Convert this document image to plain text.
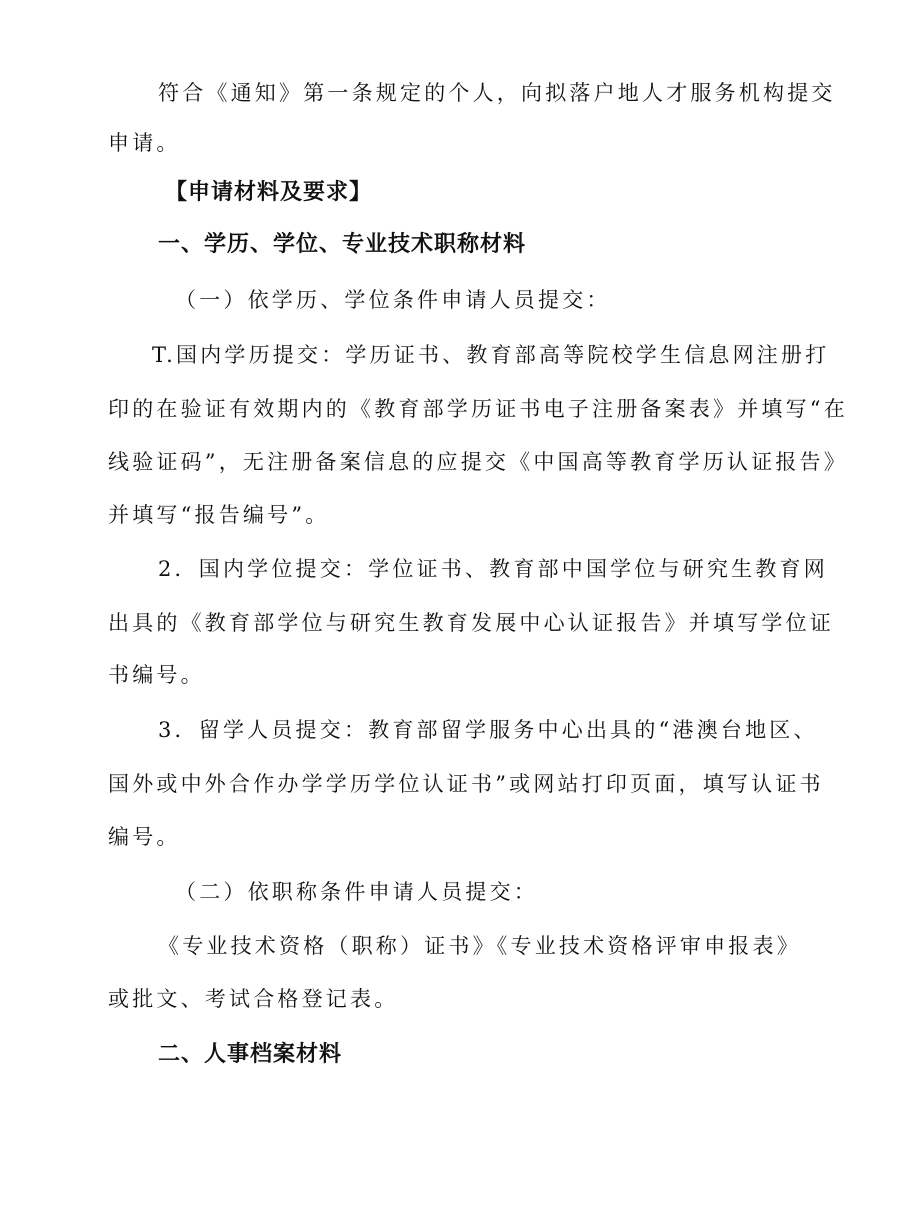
符合《通知》第一条规定的个人，向拟落户地人才服务机构提交
申请。
【申请材料及要求】
一、学历、学位、专业技术职称材料
（一）依学历、学位条件申请人员提交：
T.国内学历提交：学历证书、教育部高等院校学生信息网注册打
印的在验证有效期内的《教育部学历证书电子注册备案表》并填写“在
线验证码”，无注册备案信息的应提交《中国高等教育学历认证报告》
并填写“报告编号”。
2．国内学位提交：学位证书、教育部中国学位与研究生教育网
出具的《教育部学位与研究生教育发展中心认证报告》并填写学位证
书编号。
3．留学人员提交：教育部留学服务中心出具的“港澳台地区、
国外或中外合作办学学历学位认证书”或网站打印页面，填写认证书
编号。
（二）依职称条件申请人员提交：
《专业技术资格（职称）证书》《专业技术资格评审申报表》
或批文、考试合格登记表。
二、人事档案材料
